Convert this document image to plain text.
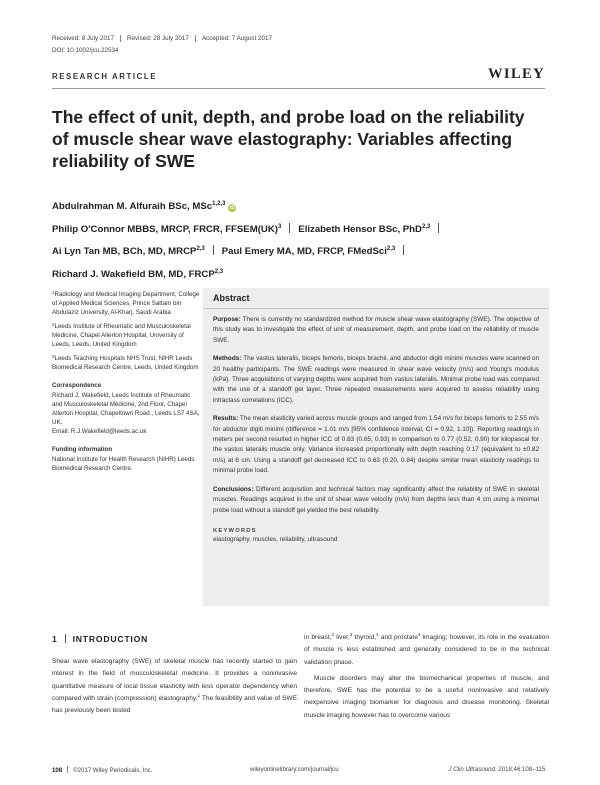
Received: 8 July 2017 Revised: 28 July 2017 Accepted: 7 August 2017
DOI: 10.1002/jcu.22534
RESEARCH ARTICLE	WILEY
The effect of unit, depth, and probe load on the reliability of muscle shear wave elastography: Variables affecting reliability of SWE
Abdulrahman M. Alfuraih BSc, MSc$^{1,2,3}$iD
Philip O'Connor MBBS, MRCP, FRCR, FFSEM(UK)$^3$ Elizabeth Hensor BSc, PhD$^{2,3}$
Ai Lyn Tan MB, BCh, MD, MRCP$^{2,3}$ Paul Emery MA, MD, FRCP, FMedSci$^{2,3}$
Richard J. Wakefield BM, MD, FRCP$^{2,3}$

$^1$Radiology and Medical Imaging Department, College of Applied Medical Sciences, Prince Sattam bin Abdulaziz University, Al-Kharj, Saudi Arabia

$^2$Leeds Institute of Rheumatic and Musculoskeletal Medicine, Chapel Allerton Hospital, University of Leeds, Leeds, United Kingdom

$^3$Leeds Teaching Hospitals NHS Trust, NIHR Leeds Biomedical Research Centre, Leeds, United Kingdom

Correspondence

Richard J. Wakefield, Leeds Institute of Rheumatic and Musculoskeletal Medicine, 2nd Floor, Chapel Allerton Hospital, Chapeltown Road., Leeds LS7 4SA, UK.
Email: R.J.Wakefield@leeds.ac.uk

Funding information

National Institute for Health Research (NIHR) Leeds Biomedical Research Centre.

Abstract

Purpose: There is currently no standardized method for muscle shear wave elastography (SWE). The objective of this study was to investigate the effect of unit of measurement, depth, and probe load on the reliability of muscle SWE.

Methods: The vastus lateralis, biceps femoris, biceps brachii, and abductor digiti minimi muscles were scanned on 20 healthy participants. The SWE readings were measured in shear wave velocity (m/s) and Young's modulus (kPa). Three acquisitions of varying depths were acquired from vastus lateralis. Minimal probe load was compared with the use of a standoff gel layer. Three repeated measurements were acquired to assess reliability using intraclass correlations (ICC).

Results: The mean elasticity varied across muscle groups and ranged from 1.54 m/s for biceps femoris to 2.55 m/s for abductor digiti minimi (difference = 1.01 m/s [95% confidence interval, CI = 0.92, 1.10]). Reporting readings in meters per second resulted in higher ICC of 0.83 (0.65, 0.93) in comparison to 0.77 (0.52, 0.90) for kilopascal for the vastus lateralis muscle only. Variance increased proportionally with depth reaching 0.17 (equivalent to ±0.82 m/s) at 6 cm. Using a standoff gel decreased ICC to 0.63 (0.20, 0.84) despite similar mean elasticity readings to minimal probe load.

Conclusions: Different acquisition and technical factors may significantly affect the reliability of SWE in skeletal muscles. Readings acquired in the unit of shear wave velocity (m/s) from depths less than 4 cm using a minimal probe load without a standoff gel yielded the best reliability.

KEYWORDS
elastography, muscles, reliability, ultrasound
1 INTRODUCTION

Shear wave elastography (SWE) of skeletal muscle has recently started to gain interest in the field of musculoskeletal medicine. It provides a noninvasive quantitative measure of local tissue elasticity with less operator dependency when compared with strain (compression) elastography.$^1$ The feasibility and value of SWE has previously been tested

in breast,$^2$ liver,$^3$ thyroid,$^4$ and prostate$^4$ imaging; however, its role in the evaluation of muscle is less established and generally considered to be in the technical validation phase.

Muscle disorders may alter the biomechanical properties of muscle, and therefore, SWE has the potential to be a useful noninvasive and relatively inexpensive imaging biomarker for diagnosis and disease monitoring. Skeletal muscle imaging however has to overcome various

108 ©2017 Wiley Periodicals, Inc.	wileyonlinelibrary.com/journal/jcu	J Clin Ultrasound. 2018;46:108–115.
